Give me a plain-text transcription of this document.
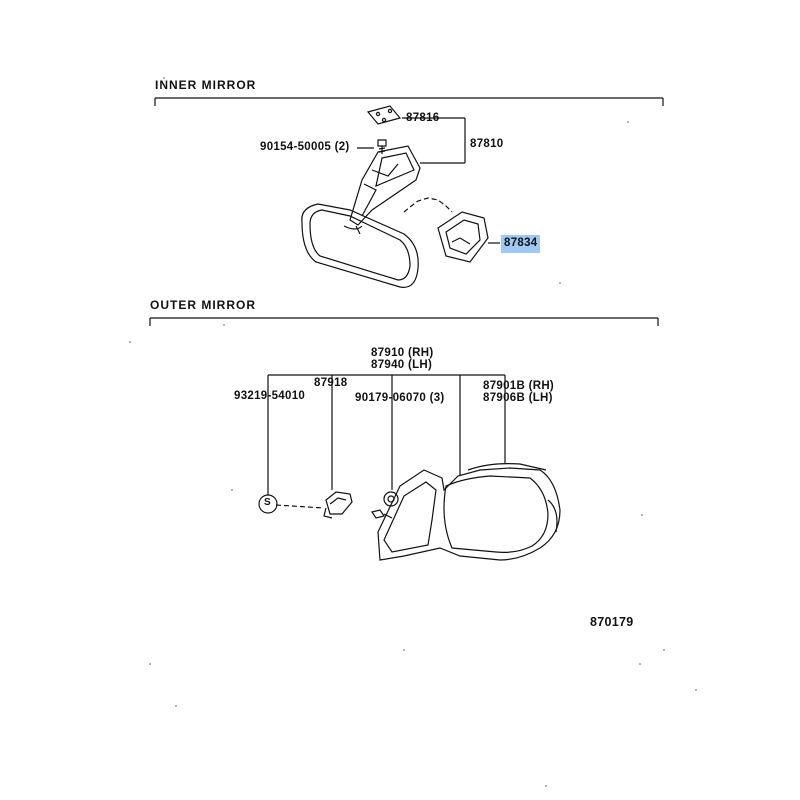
INNER MIRROR
OUTER MIRROR
87816
87810
90154-50005 (2)
87834
87910 (RH)
87940 (LH)
87918
93219-54010	90179-06070 (3)
87901B (RH)
87906B (LH)
S
870179
